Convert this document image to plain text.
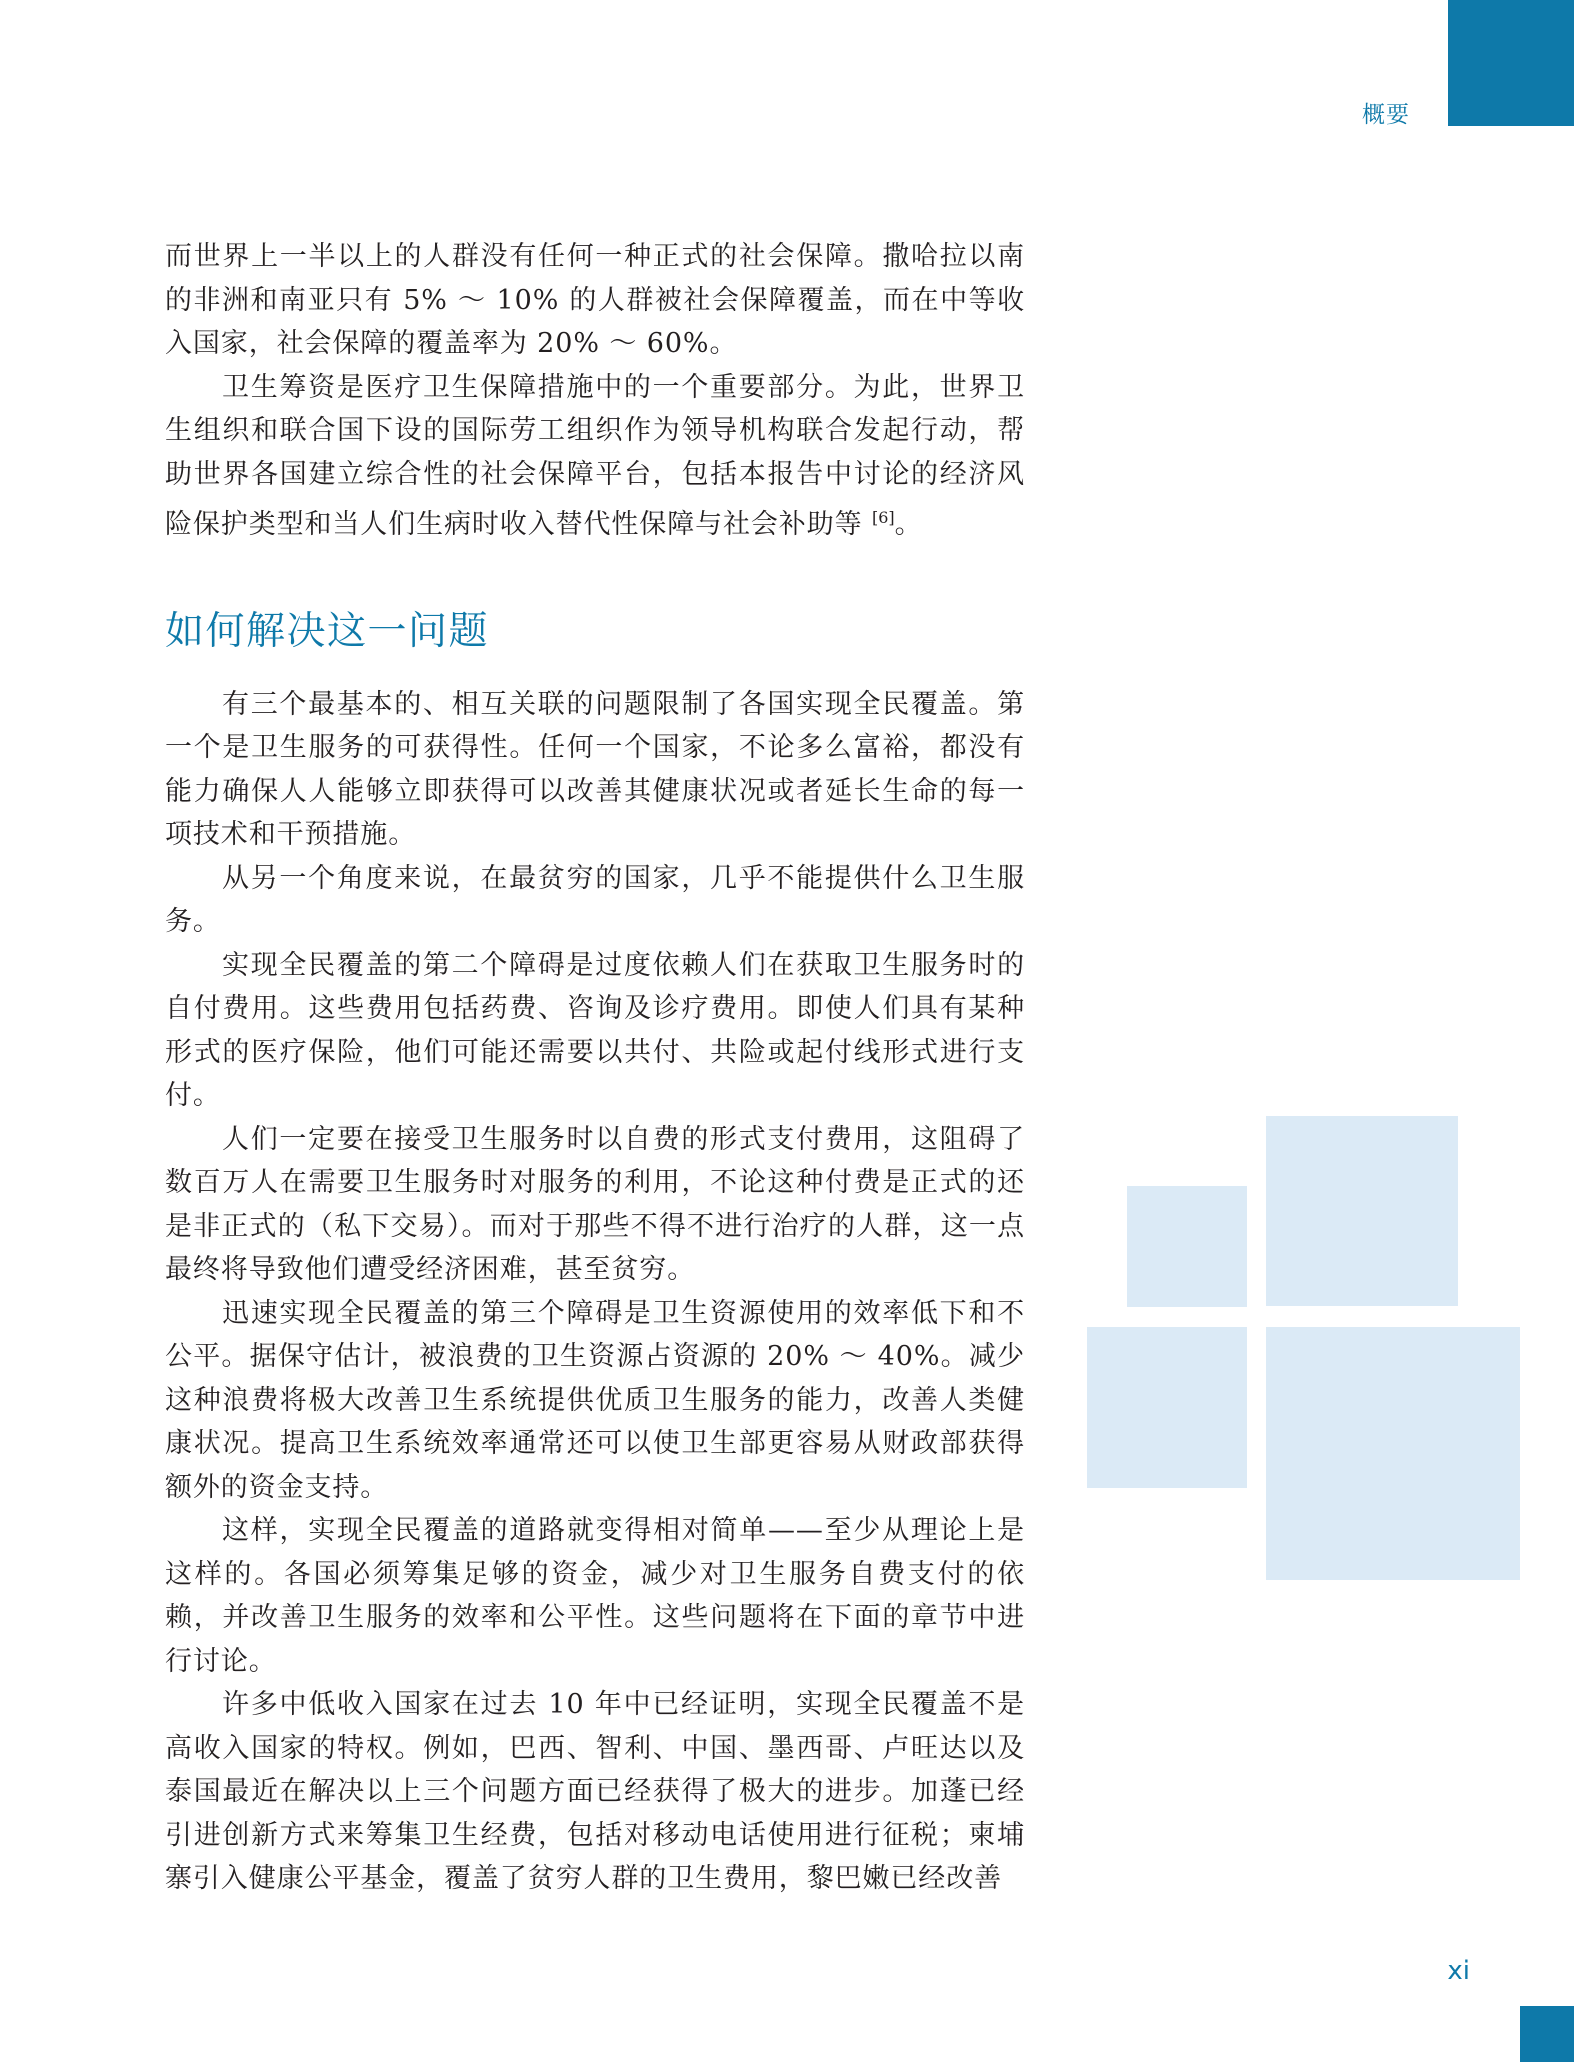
概要

而世界上一半以上的人群没有任何一种正式的社会保障。撒哈拉以南的非洲和南亚只有 5% ～ 10% 的人群被社会保障覆盖，而在中等收入国家，社会保障的覆盖率为 20% ～ 60%。

卫生筹资是医疗卫生保障措施中的一个重要部分。为此，世界卫生组织和联合国下设的国际劳工组织作为领导机构联合发起行动，帮助世界各国建立综合性的社会保障平台，包括本报告中讨论的经济风险保护类型和当人们生病时收入替代性保障与社会补助等 [6]。

如何解决这一问题

有三个最基本的、相互关联的问题限制了各国实现全民覆盖。第一个是卫生服务的可获得性。任何一个国家，不论多么富裕，都没有能力确保人人能够立即获得可以改善其健康状况或者延长生命的每一项技术和干预措施。

从另一个角度来说，在最贫穷的国家，几乎不能提供什么卫生服务。

实现全民覆盖的第二个障碍是过度依赖人们在获取卫生服务时的自付费用。这些费用包括药费、咨询及诊疗费用。即使人们具有某种形式的医疗保险，他们可能还需要以共付、共险或起付线形式进行支付。

人们一定要在接受卫生服务时以自费的形式支付费用，这阻碍了数百万人在需要卫生服务时对服务的利用，不论这种付费是正式的还是非正式的（私下交易）。而对于那些不得不进行治疗的人群，这一点最终将导致他们遭受经济困难，甚至贫穷。

迅速实现全民覆盖的第三个障碍是卫生资源使用的效率低下和不公平。据保守估计，被浪费的卫生资源占资源的 20% ～ 40%。减少这种浪费将极大改善卫生系统提供优质卫生服务的能力，改善人类健康状况。提高卫生系统效率通常还可以使卫生部更容易从财政部获得额外的资金支持。

这样，实现全民覆盖的道路就变得相对简单——至少从理论上是这样的。各国必须筹集足够的资金，减少对卫生服务自费支付的依赖，并改善卫生服务的效率和公平性。这些问题将在下面的章节中进行讨论。

许多中低收入国家在过去 10 年中已经证明，实现全民覆盖不是高收入国家的特权。例如，巴西、智利、中国、墨西哥、卢旺达以及泰国最近在解决以上三个问题方面已经获得了极大的进步。加蓬已经引进创新方式来筹集卫生经费，包括对移动电话使用进行征税；柬埔寨引入健康公平基金，覆盖了贫穷人群的卫生费用，黎巴嫩已经改善

xi
